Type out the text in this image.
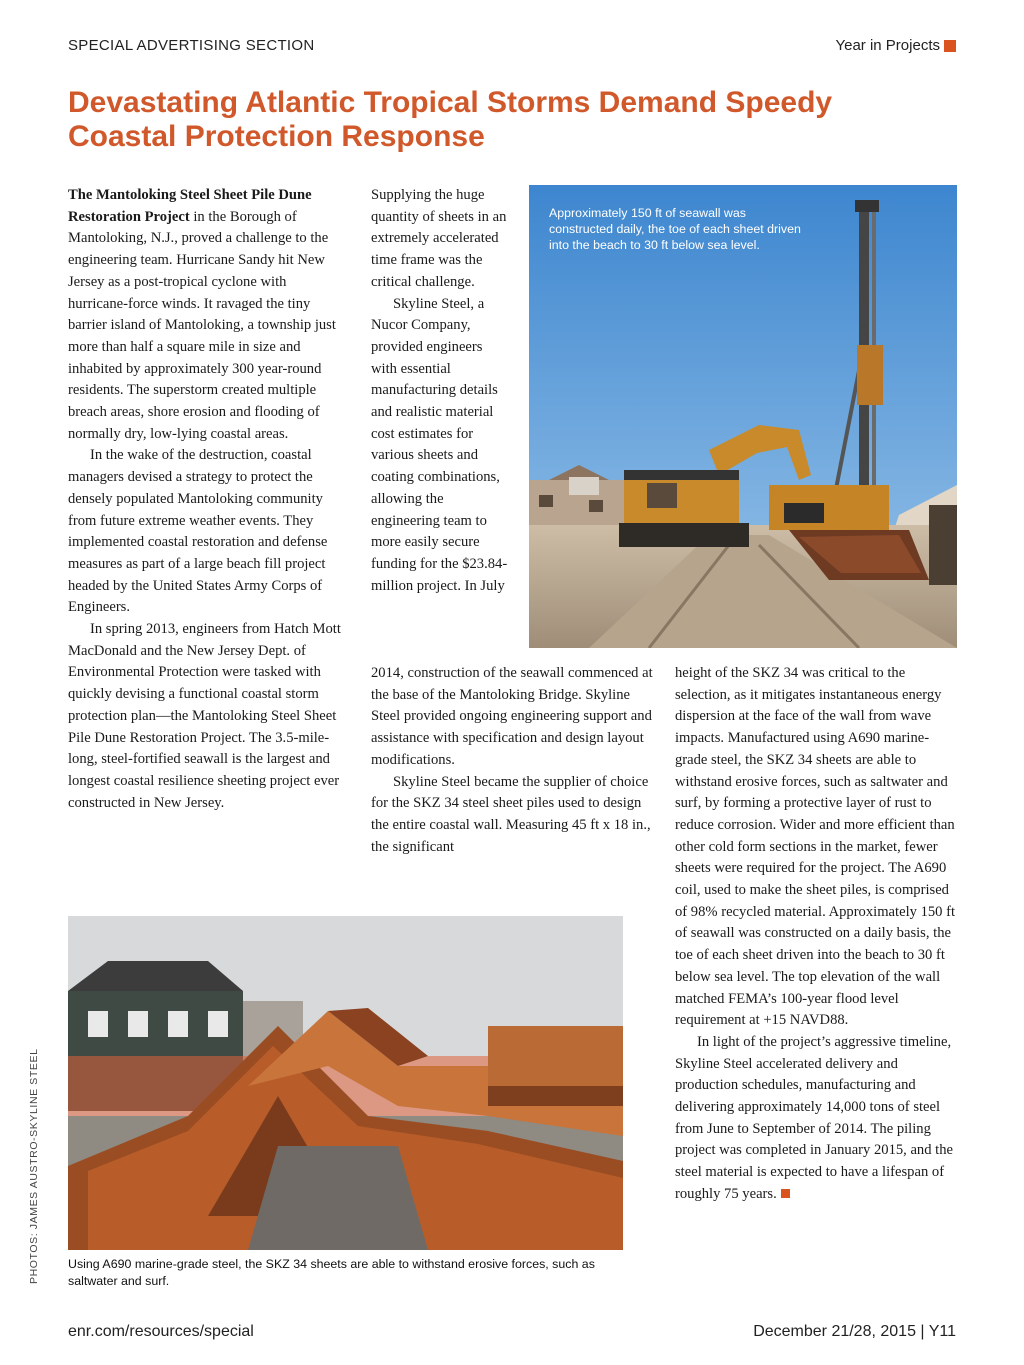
SPECIAL ADVERTISING SECTION	Year in Projects
Devastating Atlantic Tropical Storms Demand Speedy Coastal Protection Response

The Mantoloking Steel Sheet Pile Dune Restoration Project in the Borough of Mantoloking, N.J., proved a challenge to the engineering team. Hurricane Sandy hit New Jersey as a post-tropical cyclone with hurricane-force winds. It ravaged the tiny barrier island of Mantoloking, a township just more than half a square mile in size and inhabited by approximately 300 year-round residents. The superstorm created multiple breach areas, shore erosion and flooding of normally dry, low-lying coastal areas.

In the wake of the destruction, coastal managers devised a strategy to protect the densely populated Mantoloking community from future extreme weather events. They implemented coastal restoration and defense measures as part of a large beach fill project headed by the United States Army Corps of Engineers.

In spring 2013, engineers from Hatch Mott MacDonald and the New Jersey Dept. of Environmental Protection were tasked with quickly devising a functional coastal storm protection plan—the Mantoloking Steel Sheet Pile Dune Restoration Project. The 3.5-mile-long, steel-fortified seawall is the largest and longest coastal resilience sheeting project ever constructed in New Jersey.

Supplying the huge quantity of sheets in an extremely accelerated time frame was the critical challenge.

Skyline Steel, a Nucor Company, provided engineers with essential manufacturing details and realistic material cost estimates for various sheets and coating combinations, allowing the engineering team to more easily secure funding for the $23.84-million project. In July

2014, construction of the seawall commenced at the base of the Mantoloking Bridge. Skyline Steel provided ongoing engineering support and assistance with specification and design layout modifications.

Skyline Steel became the supplier of choice for the SKZ 34 steel sheet piles used to design the entire coastal wall. Measuring 45 ft x 18 in., the significant

height of the SKZ 34 was critical to the selection, as it mitigates instantaneous energy dispersion at the face of the wall from wave impacts. Manufactured using A690 marine-grade steel, the SKZ 34 sheets are able to withstand erosive forces, such as saltwater and surf, by forming a protective layer of rust to reduce corrosion. Wider and more efficient than other cold form sections in the market, fewer sheets were required for the project. The A690 coil, used to make the sheet piles, is comprised of 98% recycled material. Approximately 150 ft of seawall was constructed on a daily basis, the toe of each sheet driven into the beach to 30 ft below sea level. The top elevation of the wall matched FEMA’s 100-year flood level requirement at +15 NAVD88.

In light of the project’s aggressive timeline, Skyline Steel accelerated delivery and production schedules, manufacturing and delivering approximately 14,000 tons of steel from June to September of 2014. The piling project was completed in January 2015, and the steel material is expected to have a lifespan of roughly 75 years.

Approximately 150 ft of seawall was constructed daily, the toe of each sheet driven into the beach to 30 ft below sea level.
Using A690 marine-grade steel, the SKZ 34 sheets are able to withstand erosive forces, such as saltwater and surf.
PHOTOS: JAMES AUSTRO-SKYLINE STEEL
enr.com/resources/special	December 21/28, 2015 | Y11
